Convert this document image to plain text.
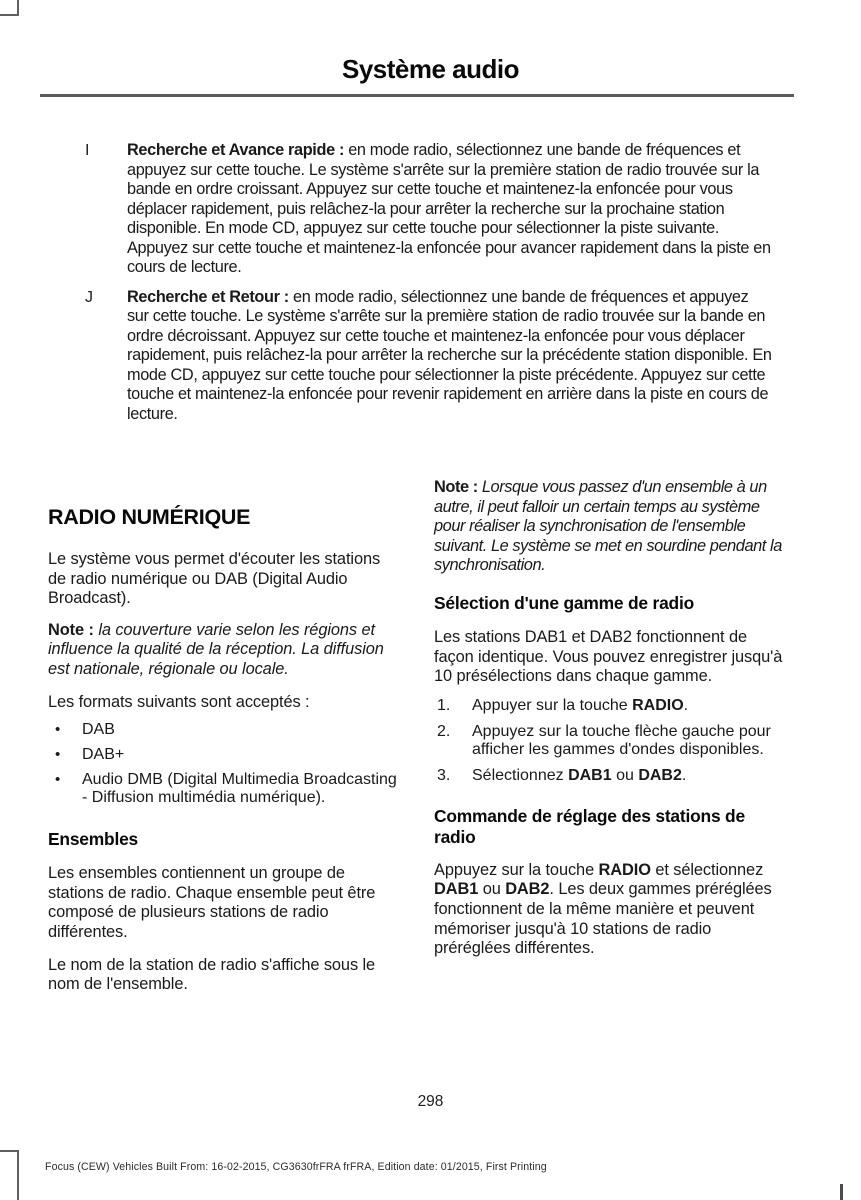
Système audio
I	Recherche et Avance rapide : en mode radio, sélectionnez une bande de fréquences et appuyez sur cette touche. Le système s'arrête sur la première station de radio trouvée sur la bande en ordre croissant. Appuyez sur cette touche et maintenez-la enfoncée pour vous déplacer rapidement, puis relâchez-la pour arrêter la recherche sur la prochaine station disponible. En mode CD, appuyez sur cette touche pour sélectionner la piste suivante. Appuyez sur cette touche et maintenez-la enfoncée pour avancer rapidement dans la piste en cours de lecture.

J	Recherche et Retour : en mode radio, sélectionnez une bande de fréquences et appuyez sur cette touche. Le système s'arrête sur la première station de radio trouvée sur la bande en ordre décroissant. Appuyez sur cette touche et maintenez-la enfoncée pour vous déplacer rapidement, puis relâchez-la pour arrêter la recherche sur la précédente station disponible. En mode CD, appuyez sur cette touche pour sélectionner la piste précédente. Appuyez sur cette touche et maintenez-la enfoncée pour revenir rapidement en arrière dans la piste en cours de lecture.

RADIO NUMÉRIQUE

Le système vous permet d'écouter les stations de radio numérique ou DAB (Digital Audio Broadcast).

Note : la couverture varie selon les régions et influence la qualité de la réception. La diffusion est nationale, régionale ou locale.

Les formats suivants sont acceptés :

•	DAB
•	DAB+
•	Audio DMB (Digital Multimedia Broadcasting - Diffusion multimédia numérique).
Ensembles

Les ensembles contiennent un groupe de stations de radio. Chaque ensemble peut être composé de plusieurs stations de radio différentes.

Le nom de la station de radio s'affiche sous le nom de l'ensemble.

Note : Lorsque vous passez d'un ensemble à un autre, il peut falloir un certain temps au système pour réaliser la synchronisation de l'ensemble suivant. Le système se met en sourdine pendant la synchronisation.

Sélection d'une gamme de radio

Les stations DAB1 et DAB2 fonctionnent de façon identique. Vous pouvez enregistrer jusqu'à 10 présélections dans chaque gamme.

1.	Appuyer sur la touche RADIO.
2.	Appuyez sur la touche flèche gauche pour afficher les gammes d'ondes disponibles.
3.	Sélectionnez DAB1 ou DAB2.
Commande de réglage des stations de radio

Appuyez sur la touche RADIO et sélectionnez DAB1 ou DAB2. Les deux gammes préréglées fonctionnent de la même manière et peuvent mémoriser jusqu'à 10 stations de radio préréglées différentes.

298
Focus (CEW) Vehicles Built From: 16-02-2015, CG3630frFRA frFRA, Edition date: 01/2015, First Printing
